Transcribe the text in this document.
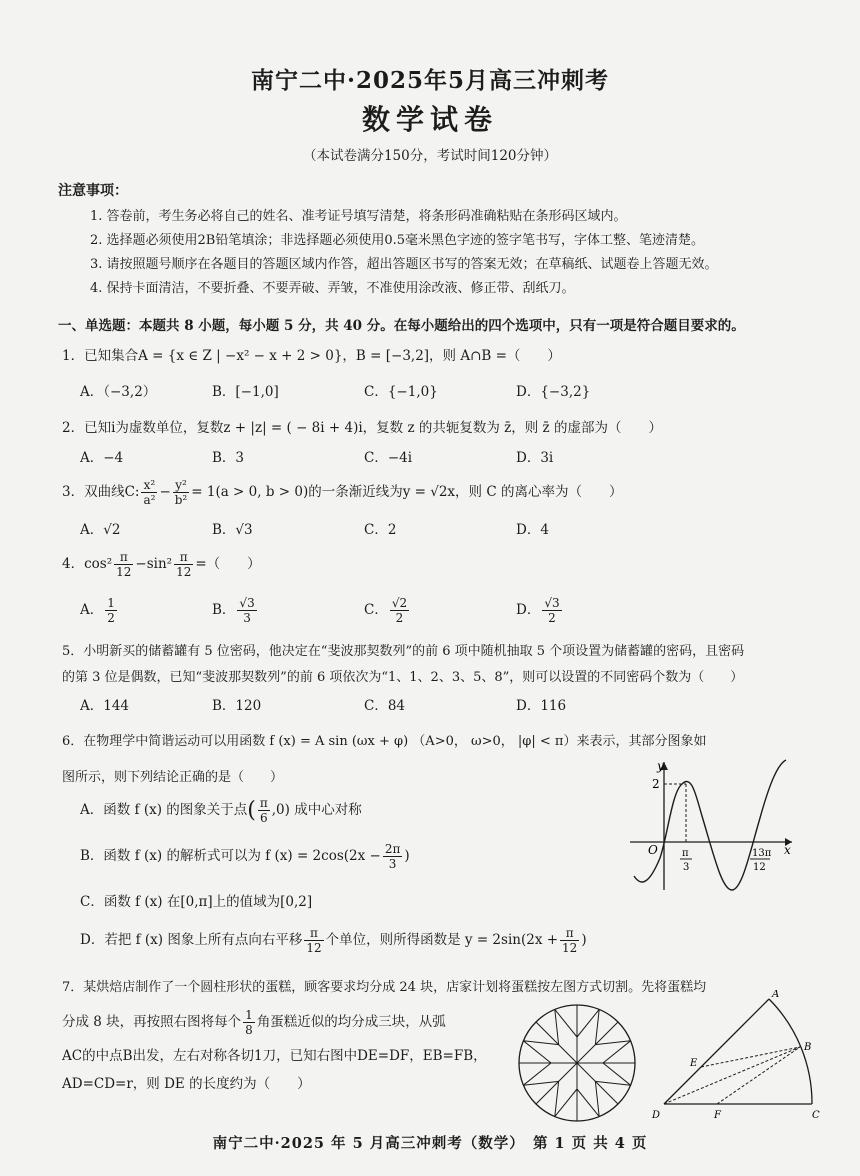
南宁二中·2025年5月高三冲刺考
数学试卷
（本试卷满分150分，考试时间120分钟）
注意事项：
1. 答卷前，考生务必将自己的姓名、准考证号填写清楚，将条形码准确粘贴在条形码区域内。
2. 选择题必须使用2B铅笔填涂；非选择题必须使用0.5毫米黑色字迹的签字笔书写，字体工整、笔迹清楚。
3. 请按照题号顺序在各题目的答题区域内作答，超出答题区书写的答案无效；在草稿纸、试题卷上答题无效。
4. 保持卡面清洁，不要折叠、不要弄破、弄皱，不准使用涂改液、修正带、刮纸刀。
一、单选题：本题共 8 小题，每小题 5 分，共 40 分。在每小题给出的四个选项中，只有一项是符合题目要求的。
1．已知集合A = {x ∈ Z | −x² − x + 2 > 0}，B = [−3,2]，则 A∩B =（　　）
A．（−3,2）	B．[−1,0]	C．{−1,0}	D．{−3,2}
2．已知i为虚数单位，复数z + |z| = ( − 8i + 4)i，复数 z 的共轭复数为 z̄，则 z̄ 的虚部为（　　）
A．−4	B．3	C．−4i	D．3i
3．双曲线C: $\frac{\text{x²}}{\text{a²}} - \frac{\text{y²}}{\text{b²}} = 1(a > 0$, b > 0)的一条渐近线为y = √2x，则 C 的离心率为（　　）
A．√2	B．√3	C．2	D．4
4．$\cos^2 \frac{\pi}{12} -\sin^2 \frac{\pi}{12}$ =（　　）
A． $\frac{1}{2}$	B． $\frac{√3}{3}$	C． $\frac{√2}{2}$	D． $\frac{√3}{2}$
5．小明新买的储蓄罐有 5 位密码，他决定在“斐波那契数列”的前 6 项中随机抽取 5 个项设置为储蓄罐的密码，且密码
的第 3 位是偶数，已知“斐波那契数列”的前 6 项依次为“1、1、2、3、5、8”，则可以设置的不同密码个数为（　　）
A．144	B．120	C．84	D．116
6．在物理学中简谐运动可以用函数 f (x) = A sin (ωx + φ) （A>0， ω>0， |φ| < π）来表示，其部分图象如
图所示，则下列结论正确的是（　　）
A．函数 f (x) 的图象关于点( $\frac{\pi}{6} ,0$) 成中心对称
B．函数 f (x) 的解析式可以为 f $(x) = 2\cos(2x - \frac{2\pi}{3}$ )
C．函数 f (x) 在[0,π]上的值域为[0,2]
D．若把 f (x) 图象上所有点向右平移 $\frac{\pi}{12}$ 个单位，则所得函数是 $y = 2\sin(2x + \frac{\pi}{12}$ )
y
x
O
2
π
3
13π
12
7．某烘焙店制作了一个圆柱形状的蛋糕，顾客要求均分成 24 块，店家计划将蛋糕按左图方式切割。先将蛋糕均
分成 8 块，再按照右图将每个 $\frac{1}{8}$ 角蛋糕近似的均分成三块，从弧
AC的中点B出发，左右对称各切1刀，已知右图中DE=DF，EB=FB，
AD=CD=r，则 DE 的长度约为（　　）
A
B
C
D
E
F
南宁二中·2025 年 5 月高三冲刺考（数学）　第 1 页 共 4 页
